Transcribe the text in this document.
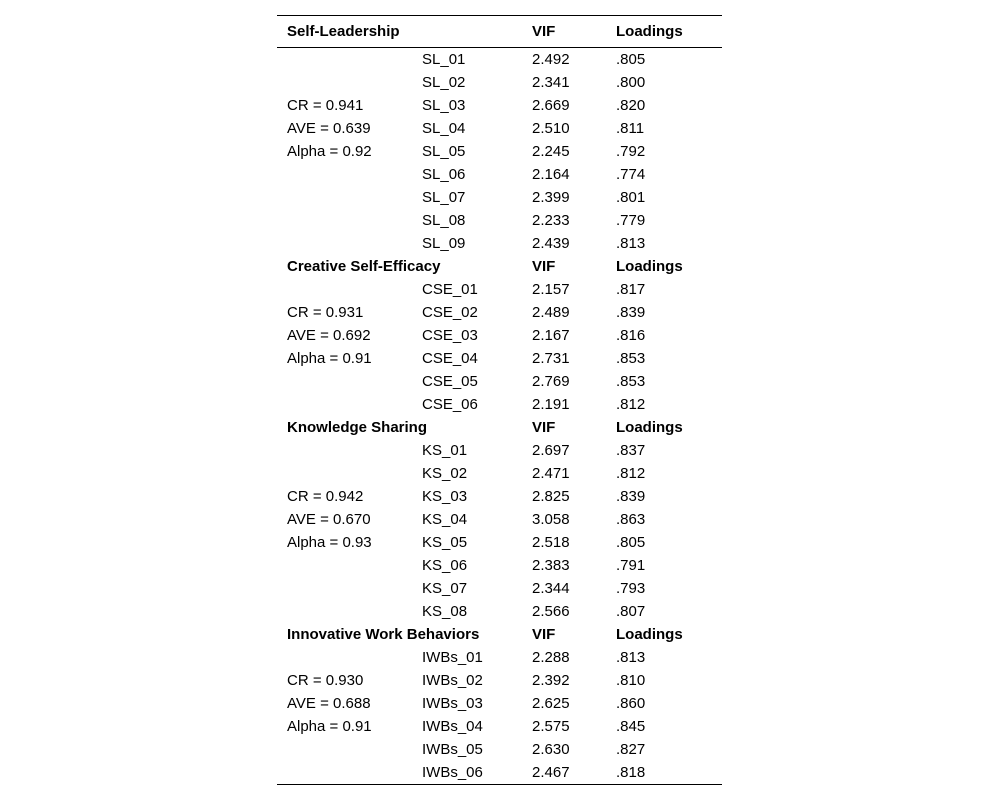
Self-Leadership	VIF	Loadings
	SL_01	2.492	.805
	SL_02	2.341	.800
CR = 0.941	SL_03	2.669	.820
AVE = 0.639	SL_04	2.510	.811
Alpha = 0.92	SL_05	2.245	.792
	SL_06	2.164	.774
	SL_07	2.399	.801
	SL_08	2.233	.779
	SL_09	2.439	.813
Creative Self-Efficacy		VIF	Loadings
	CSE_01	2.157	.817
CR = 0.931	CSE_02	2.489	.839
AVE = 0.692	CSE_03	2.167	.816
Alpha = 0.91	CSE_04	2.731	.853
	CSE_05	2.769	.853
	CSE_06	2.191	.812
Knowledge Sharing		VIF	Loadings
	KS_01	2.697	.837
	KS_02	2.471	.812
CR = 0.942	KS_03	2.825	.839
AVE = 0.670	KS_04	3.058	.863
Alpha = 0.93	KS_05	2.518	.805
	KS_06	2.383	.791
	KS_07	2.344	.793
	KS_08	2.566	.807
Innovative Work Behaviors		VIF	Loadings
	IWBs_01	2.288	.813
CR = 0.930	IWBs_02	2.392	.810
AVE = 0.688	IWBs_03	2.625	.860
Alpha = 0.91	IWBs_04	2.575	.845
	IWBs_05	2.630	.827
	IWBs_06	2.467	.818
